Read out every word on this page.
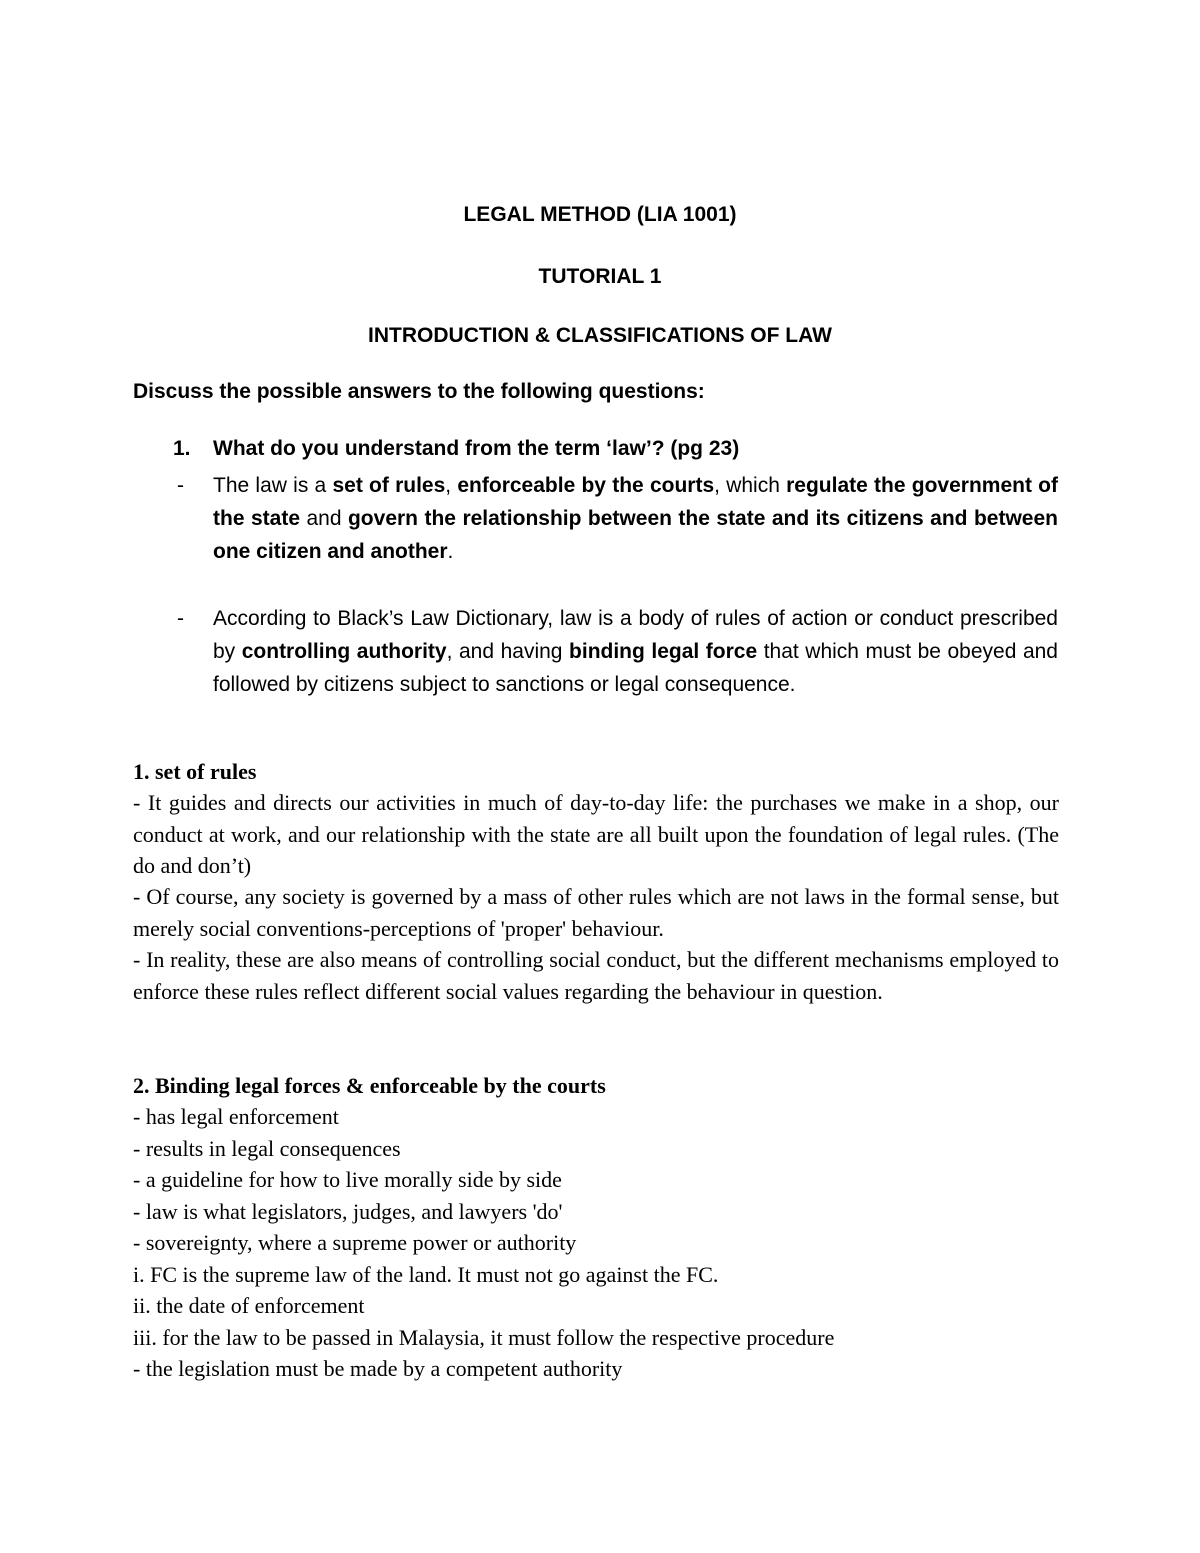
LEGAL METHOD (LIA 1001)

TUTORIAL 1

INTRODUCTION & CLASSIFICATIONS OF LAW

Discuss the possible answers to the following questions:

1. What do you understand from the term ‘law’? (pg 23)
- The law is a set of rules, enforceable by the courts, which regulate the government of the state and govern the relationship between the state and its citizens and between one citizen and another.

- According to Black’s Law Dictionary, law is a body of rules of action or conduct prescribed by controlling authority, and having binding legal force that which must be obeyed and followed by citizens subject to sanctions or legal consequence.

1. set of rules

- It guides and directs our activities in much of day-to-day life: the purchases we make in a shop, our conduct at work, and our relationship with the state are all built upon the foundation of legal rules. (The do and don’t)

- Of course, any society is governed by a mass of other rules which are not laws in the formal sense, but merely social conventions-perceptions of 'proper' behaviour.

- In reality, these are also means of controlling social conduct, but the different mechanisms employed to enforce these rules reflect different social values regarding the behaviour in question.

2. Binding legal forces & enforceable by the courts

- has legal enforcement

- results in legal consequences

- a guideline for how to live morally side by side

- law is what legislators, judges, and lawyers 'do'

- sovereignty, where a supreme power or authority

i. FC is the supreme law of the land. It must not go against the FC.

ii. the date of enforcement

iii. for the law to be passed in Malaysia, it must follow the respective procedure

- the legislation must be made by a competent authority
